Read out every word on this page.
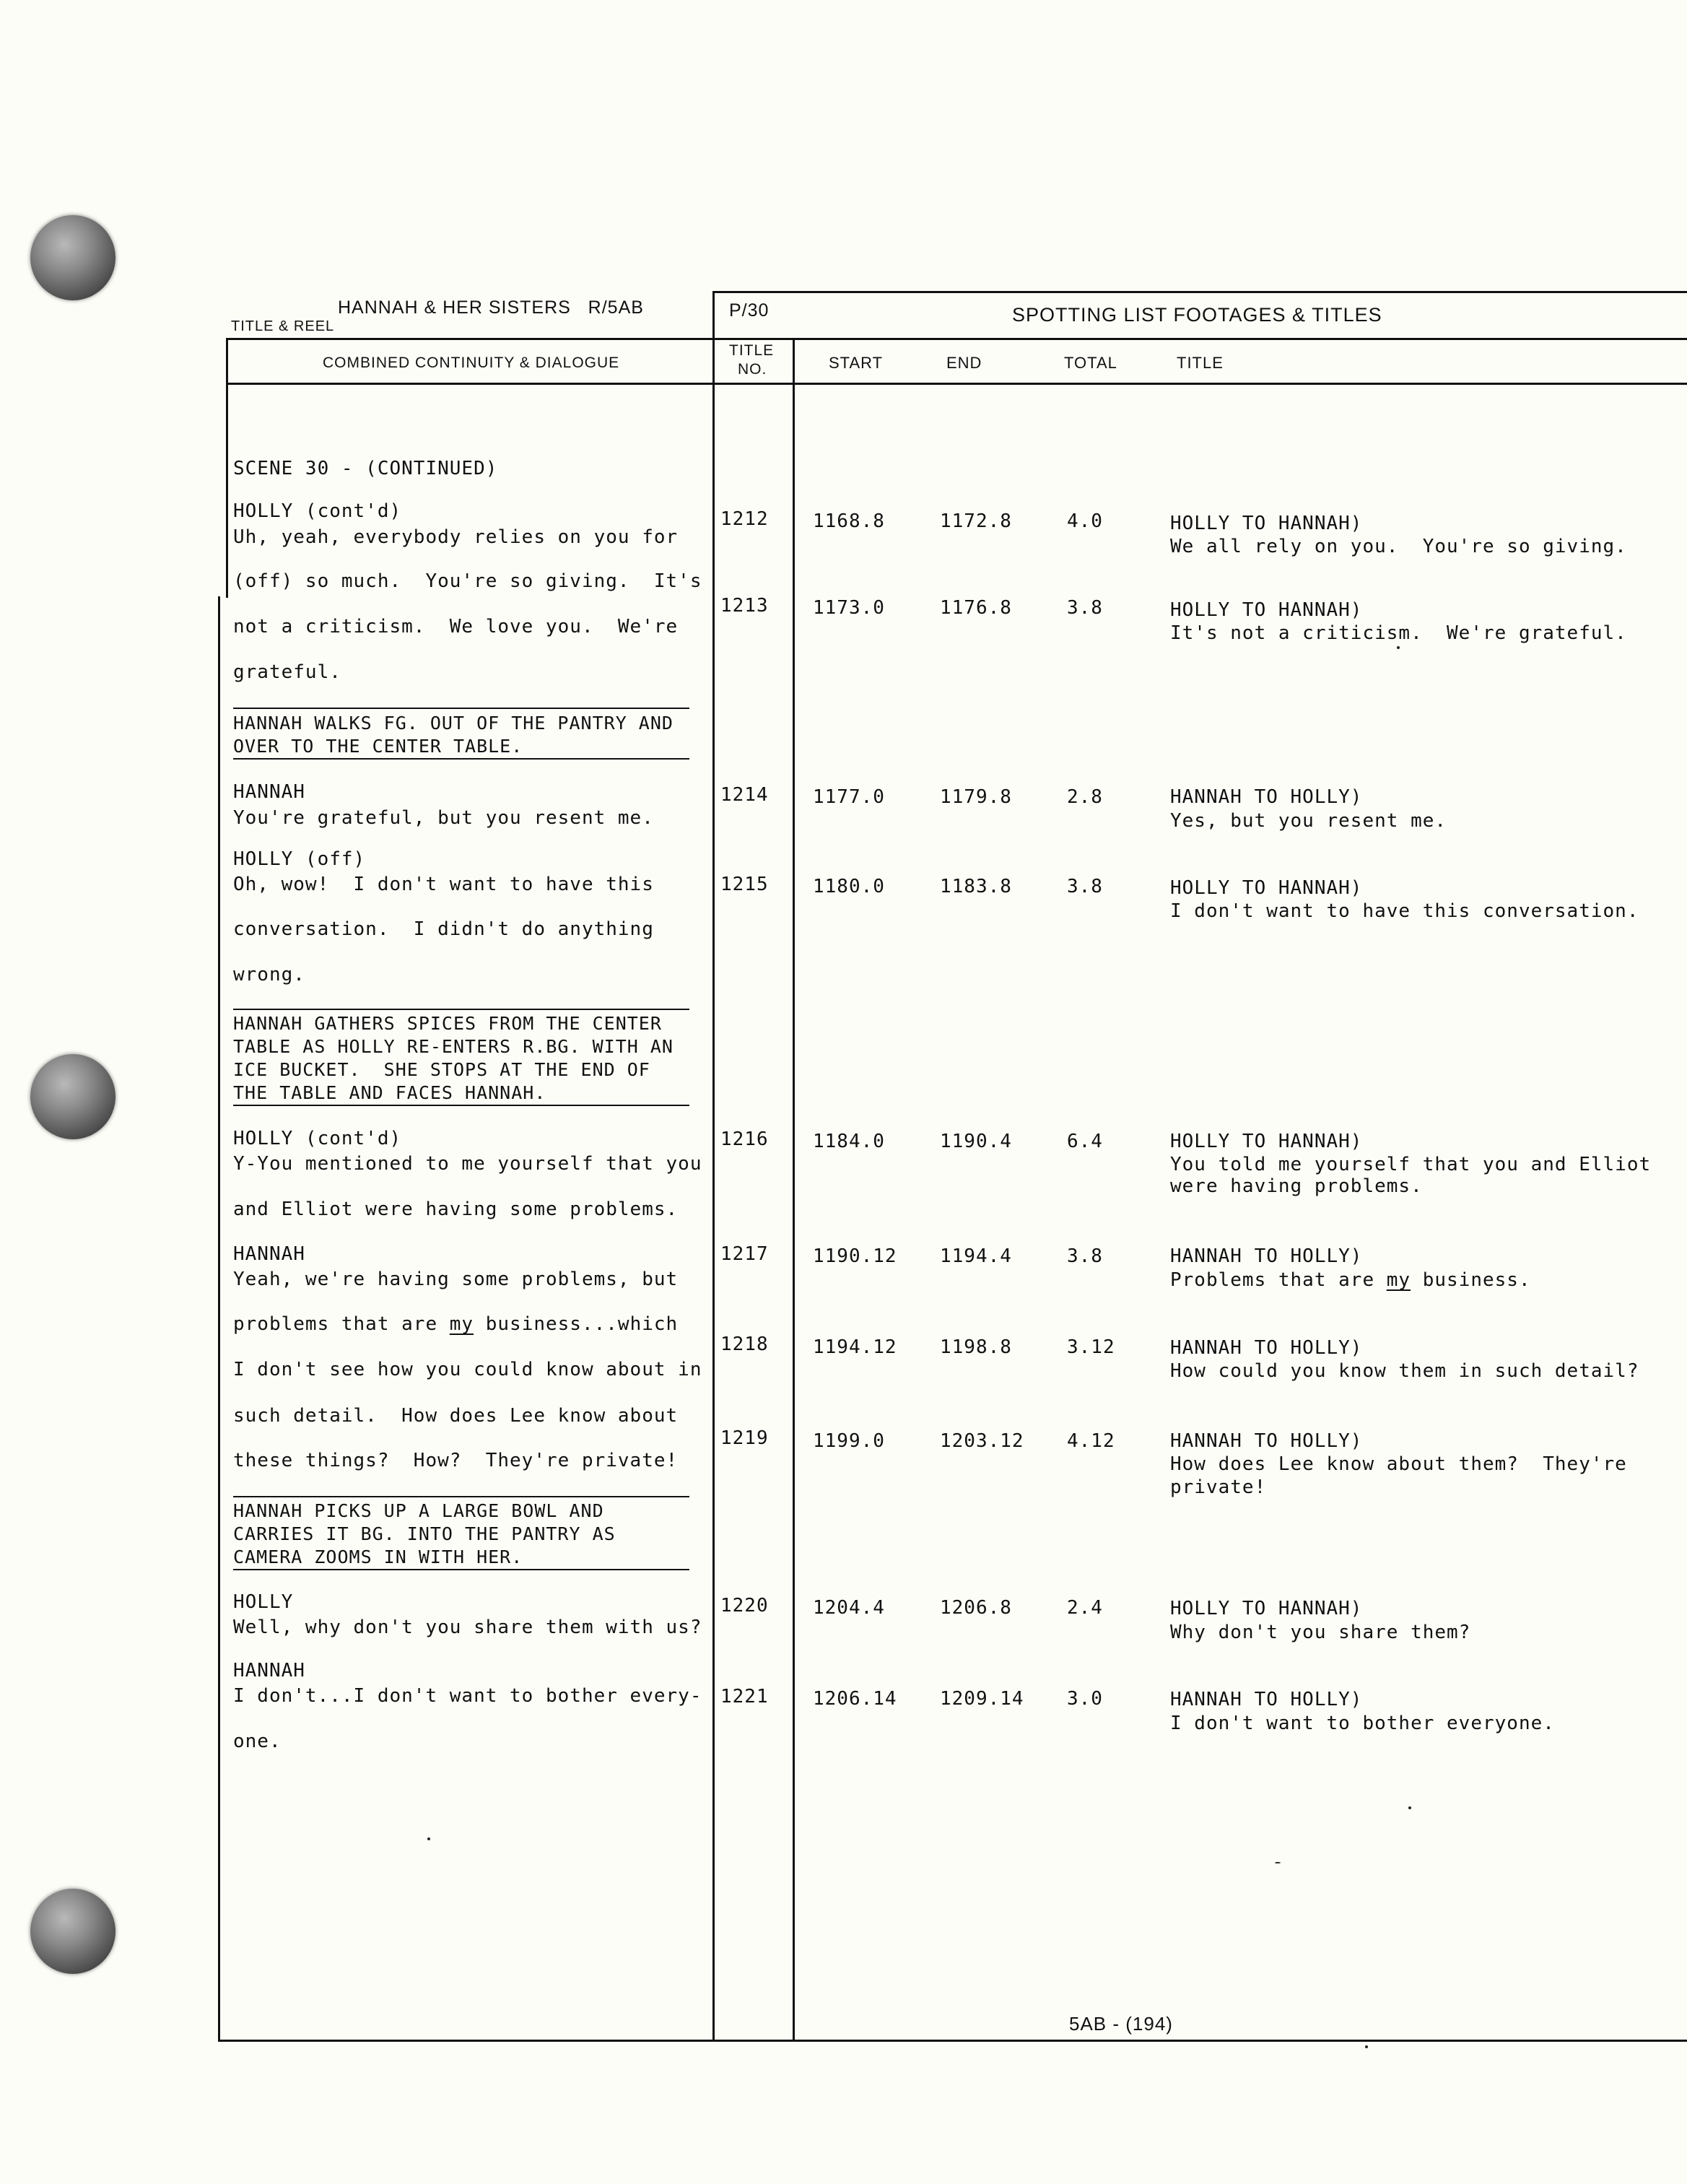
HANNAH & HER SISTERS   R/5AB
TITLE & REEL
P/30	SPOTTING LIST FOOTAGES & TITLES
COMBINED CONTINUITY & DIALOGUE
TITLE
NO.	START	END	TOTAL	TITLE
SCENE 30 - (CONTINUED)
HOLLY (cont'd)
Uh, yeah, everybody relies on you for
(off) so much.  You're so giving.  It's
not a criticism.  We love you.  We're
grateful.
HANNAH WALKS FG. OUT OF THE PANTRY AND
OVER TO THE CENTER TABLE.
HANNAH
You're grateful, but you resent me.
HOLLY (off)
Oh, wow!  I don't want to have this
conversation.  I didn't do anything
wrong.
HANNAH GATHERS SPICES FROM THE CENTER
TABLE AS HOLLY RE-ENTERS R.BG. WITH AN
ICE BUCKET.  SHE STOPS AT THE END OF
THE TABLE AND FACES HANNAH.
HOLLY (cont'd)
Y-You mentioned to me yourself that you
and Elliot were having some problems.
HANNAH
Yeah, we're having some problems, but
problems that are my business...which
I don't see how you could know about in
such detail.  How does Lee know about
these things?  How?  They're private!
HANNAH PICKS UP A LARGE BOWL AND
CARRIES IT BG. INTO THE PANTRY AS
CAMERA ZOOMS IN WITH HER.
HOLLY
Well, why don't you share them with us?
HANNAH
I don't...I don't want to bother every-
one.
1212 1168.8	1172.8	4.0	HOLLY TO HANNAH)
We all rely on you.  You're so giving.
1213 1173.0	1176.8	3.8	HOLLY TO HANNAH)
It's not a criticism.  We're grateful.
1214 1177.0	1179.8	2.8	HANNAH TO HOLLY)
Yes, but you resent me.
1215 1180.0	1183.8	3.8	HOLLY TO HANNAH)
I don't want to have this conversation.
1216 1184.0	1190.4	6.4	HOLLY TO HANNAH)
You told me yourself that you and Elliot
were having problems.
1217 1190.12 1194.4	3.8	HANNAH TO HOLLY)
Problems that are my business.
1218 1194.12 1198.8	3.12	HANNAH TO HOLLY)
How could you know them in such detail?
1219 1199.0	1203.12 4.12	HANNAH TO HOLLY)
How does Lee know about them?  They're
private!
1220 1204.4	1206.8	2.4	HOLLY TO HANNAH)
Why don't you share them?
1221 1206.14 1209.14 3.0	HANNAH TO HOLLY)
I don't want to bother everyone.
5AB - (194)
